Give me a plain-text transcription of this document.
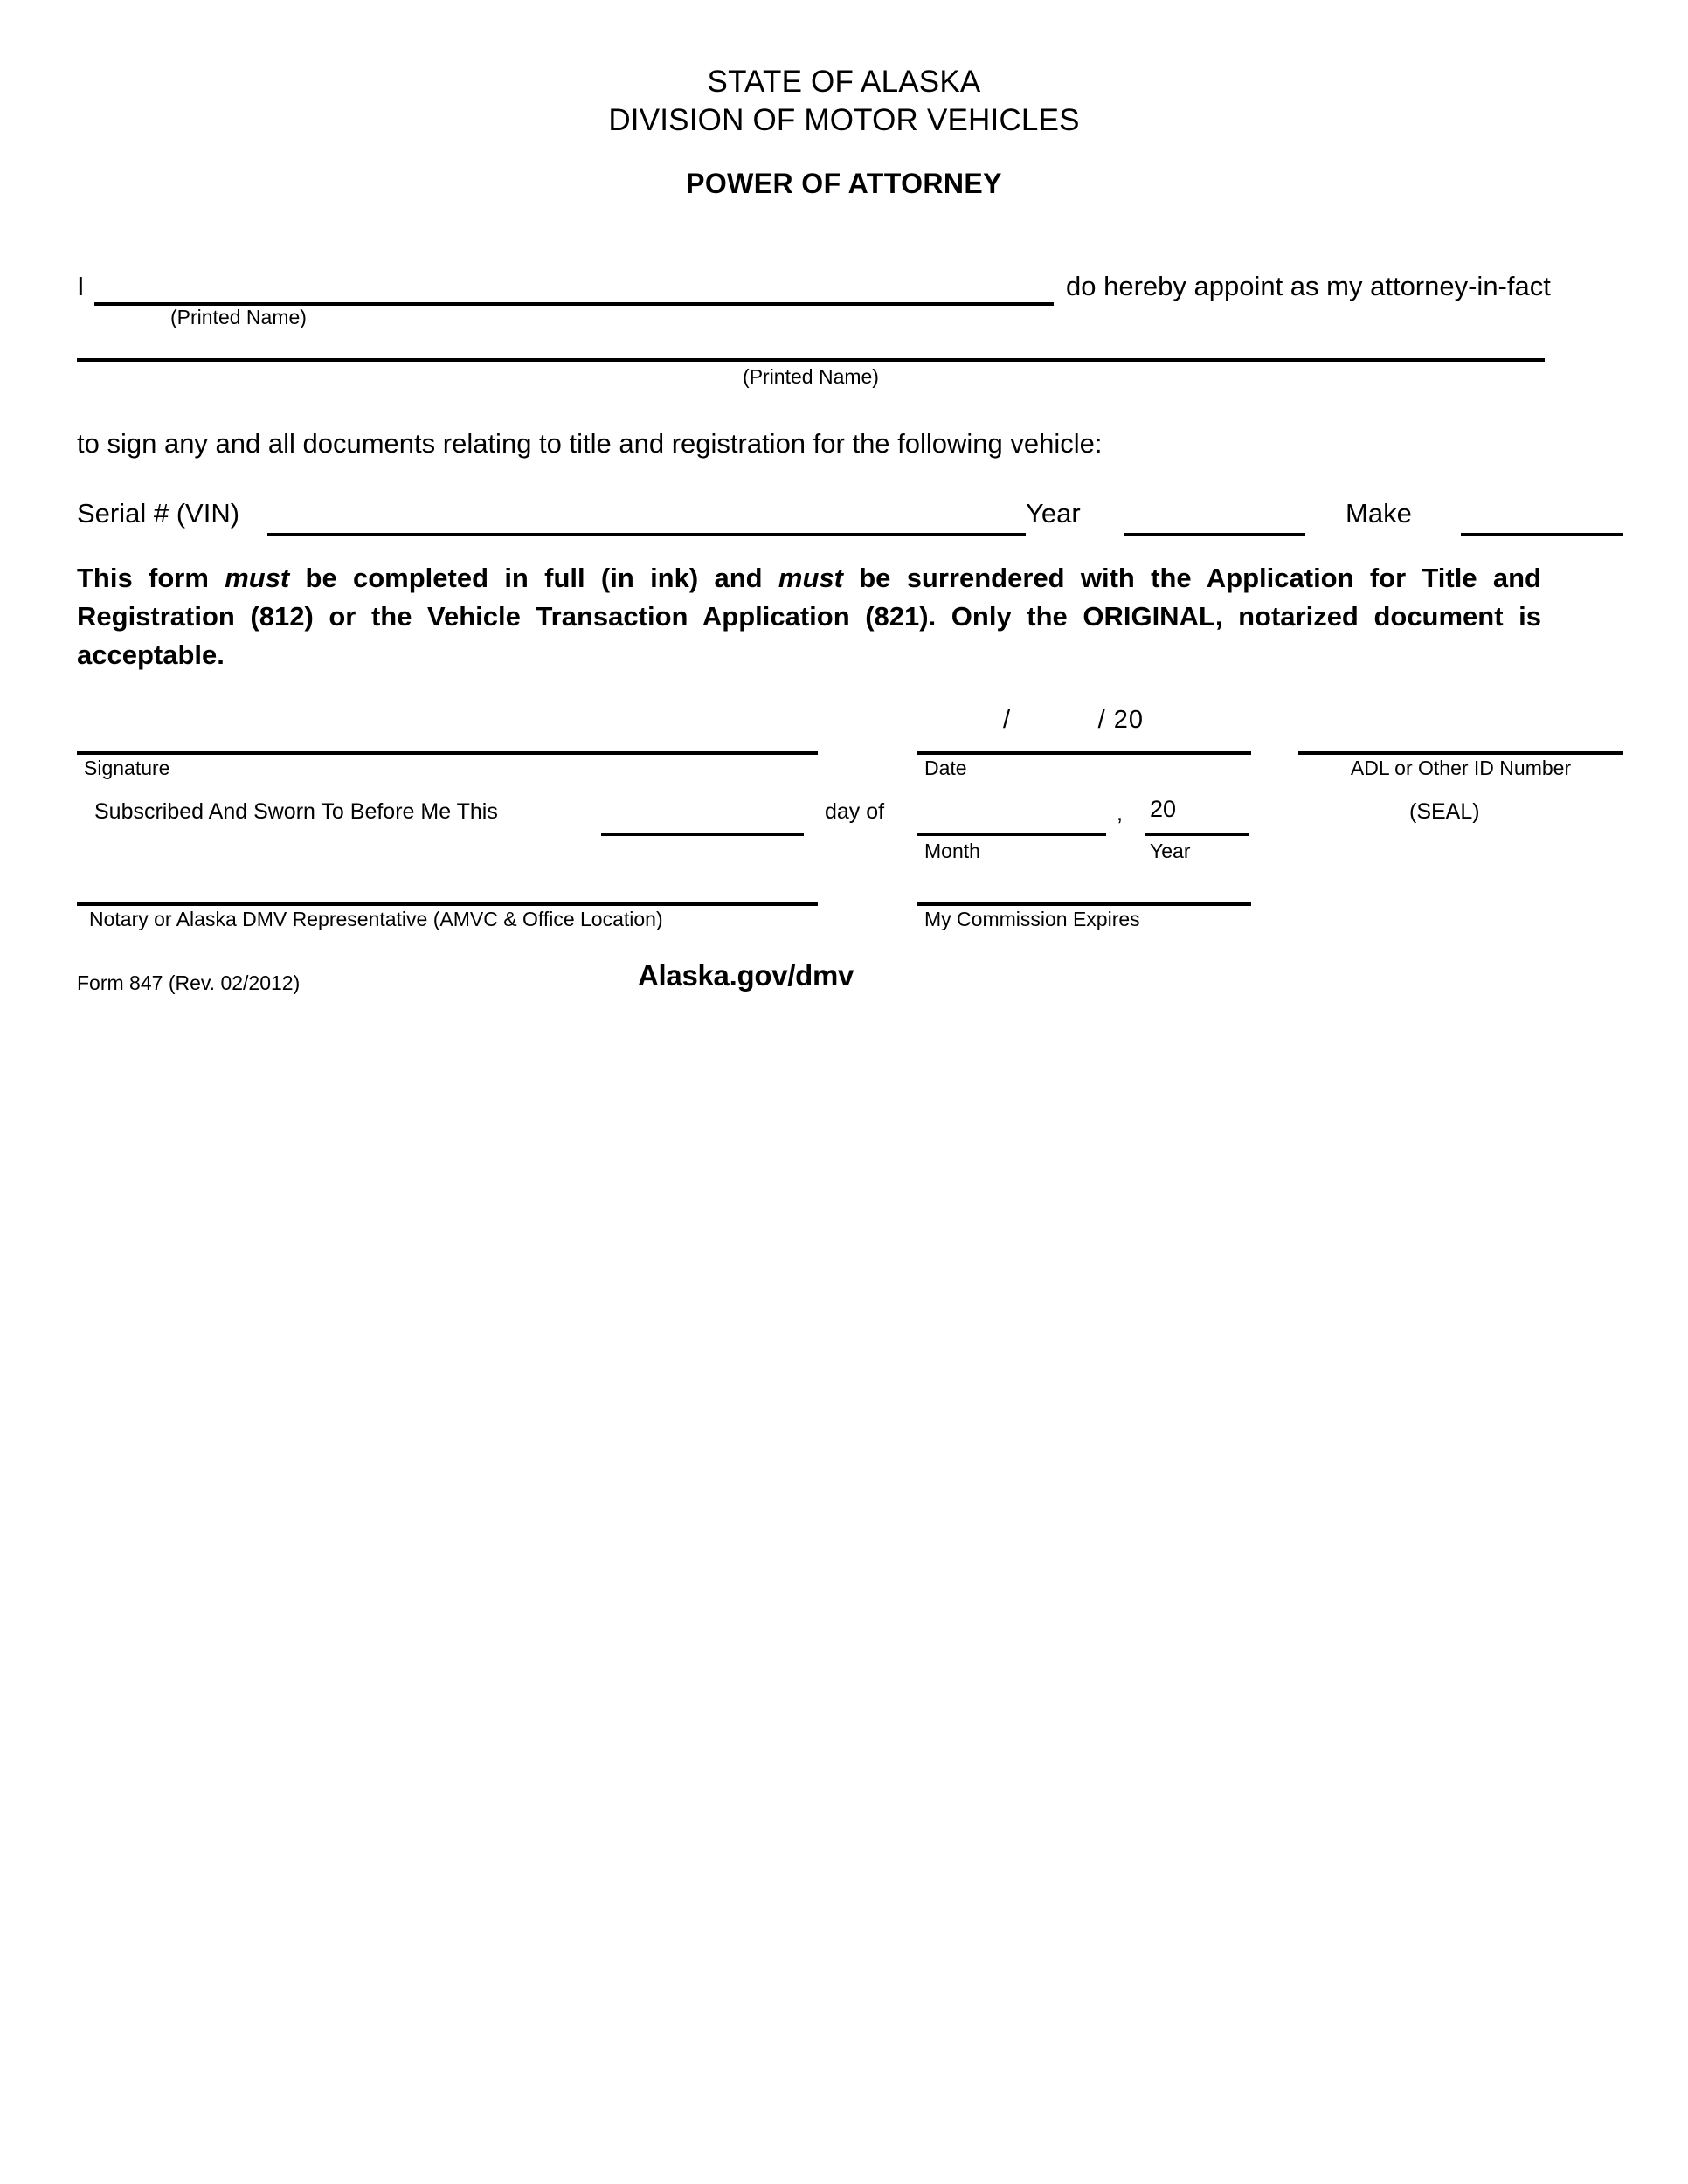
STATE OF ALASKA
DIVISION OF MOTOR VEHICLES
POWER OF ATTORNEY
I	do hereby appoint as my attorney-in-fact
(Printed Name)
(Printed Name)
to sign any and all documents relating to title and registration for the following vehicle:
Serial # (VIN)	Year	Make
This form must be completed in full (in ink) and must be surrendered with the Application for Title and Registration (812) or the Vehicle Transaction Application (821). Only the ORIGINAL, notarized document is acceptable.
/           / 20
Signature	Date	ADL or Other ID Number
Subscribed And Sworn To Before Me This	day of
Month
, 20
Year
(SEAL)
Notary or Alaska DMV Representative (AMVC & Office Location)	My Commission Expires
Form 847 (Rev. 02/2012)	Alaska.gov/dmv
